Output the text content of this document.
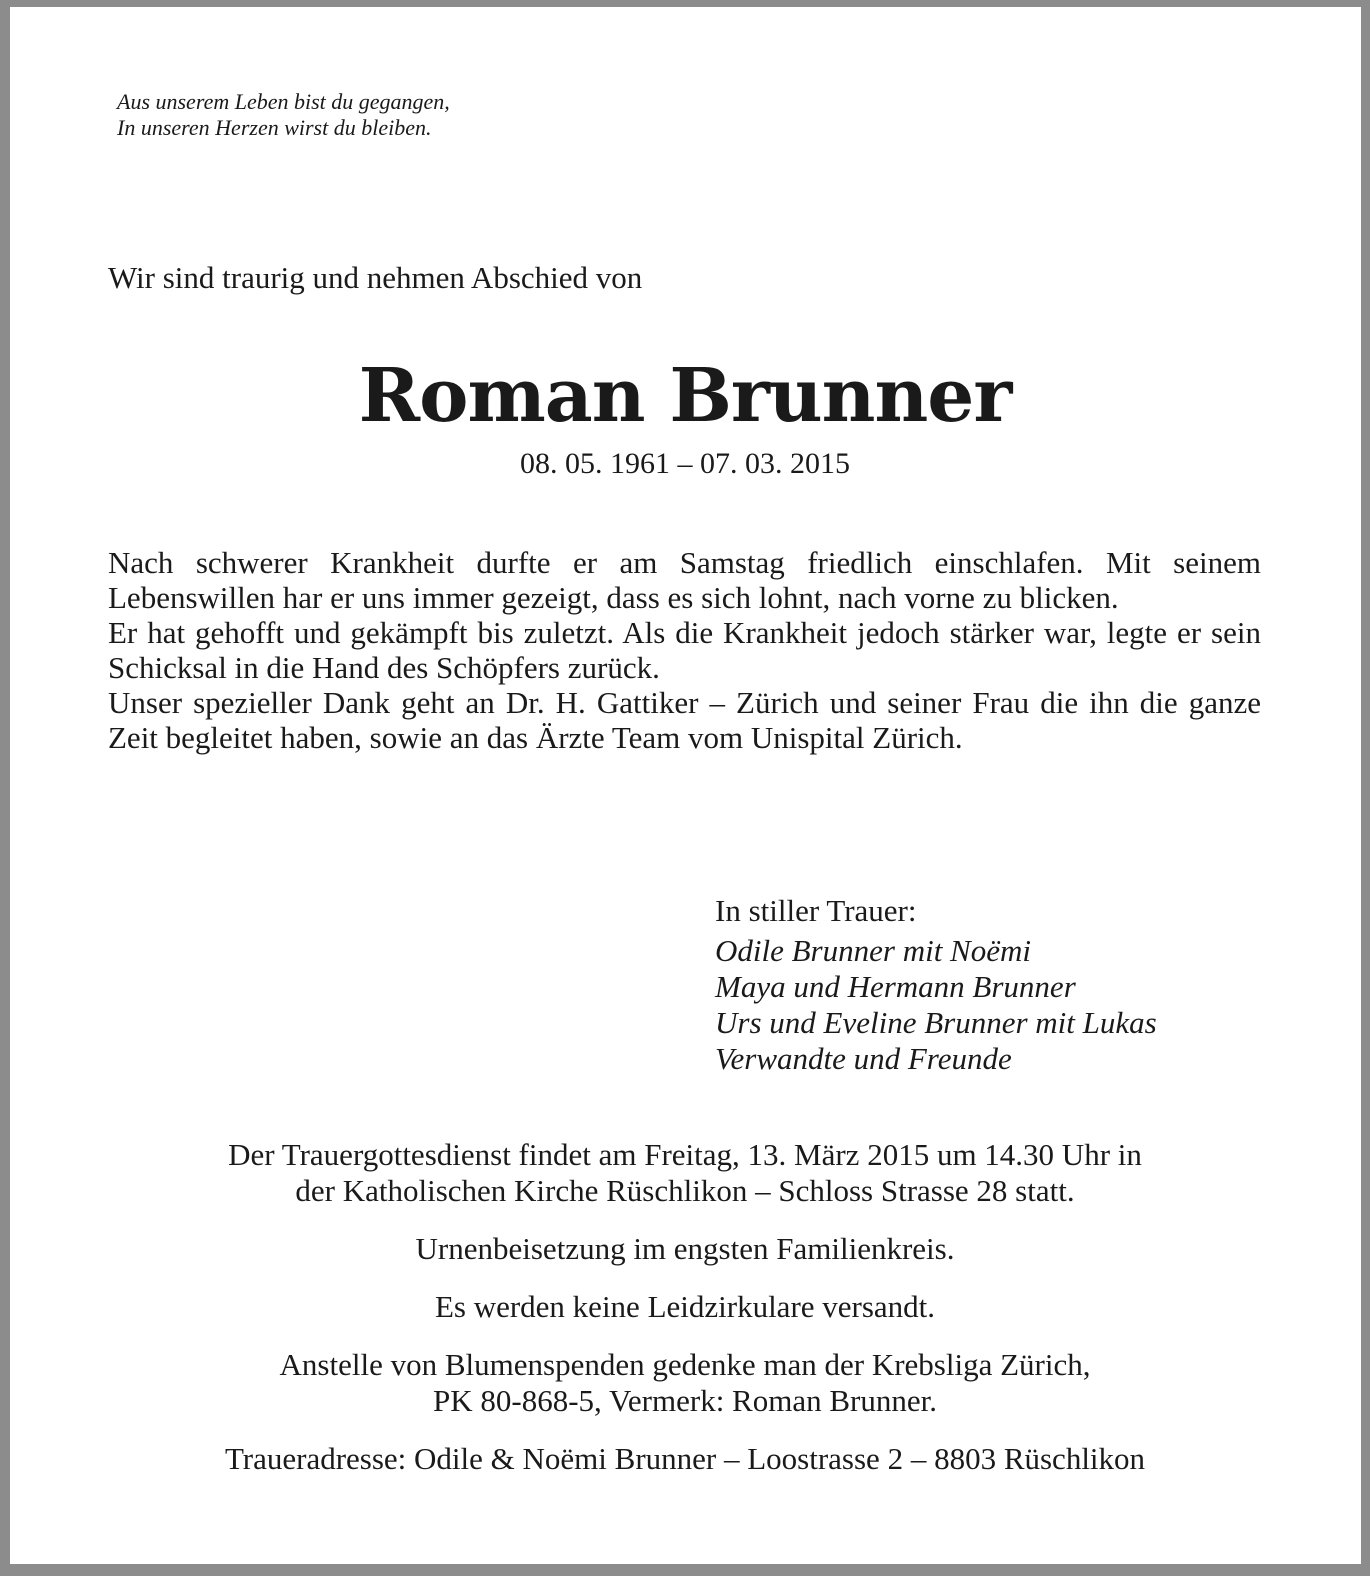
Aus unserem Leben bist du gegangen,
In unseren Herzen wirst du bleiben.
Wir sind traurig und nehmen Abschied von
Roman Brunner
08. 05. 1961 – 07. 03. 2015
Nach schwerer Krankheit durfte er am Samstag friedlich einschlafen. Mit seinem Lebenswillen har er uns immer gezeigt, dass es sich lohnt, nach vorne zu blicken.
Er hat gehofft und gekämpft bis zuletzt. Als die Krankheit jedoch stärker war, legte er sein Schicksal in die Hand des Schöpfers zurück.
Unser spezieller Dank geht an Dr. H. Gattiker – Zürich und seiner Frau die ihn die ganze Zeit begleitet haben, sowie an das Ärzte Team vom Unispital Zürich.
In stiller Trauer:
Odile Brunner mit Noëmi
Maya und Hermann Brunner
Urs und Eveline Brunner mit Lukas
Verwandte und Freunde
Der Trauergottesdienst findet am Freitag, 13. März 2015 um 14.30 Uhr in
der Katholischen Kirche Rüschlikon – Schloss Strasse 28 statt.
Urnenbeisetzung im engsten Familienkreis.
Es werden keine Leidzirkulare versandt.
Anstelle von Blumenspenden gedenke man der Krebsliga Zürich,
PK 80-868-5, Vermerk: Roman Brunner.
Traueradresse: Odile & Noëmi Brunner – Loostrasse 2 – 8803 Rüschlikon
